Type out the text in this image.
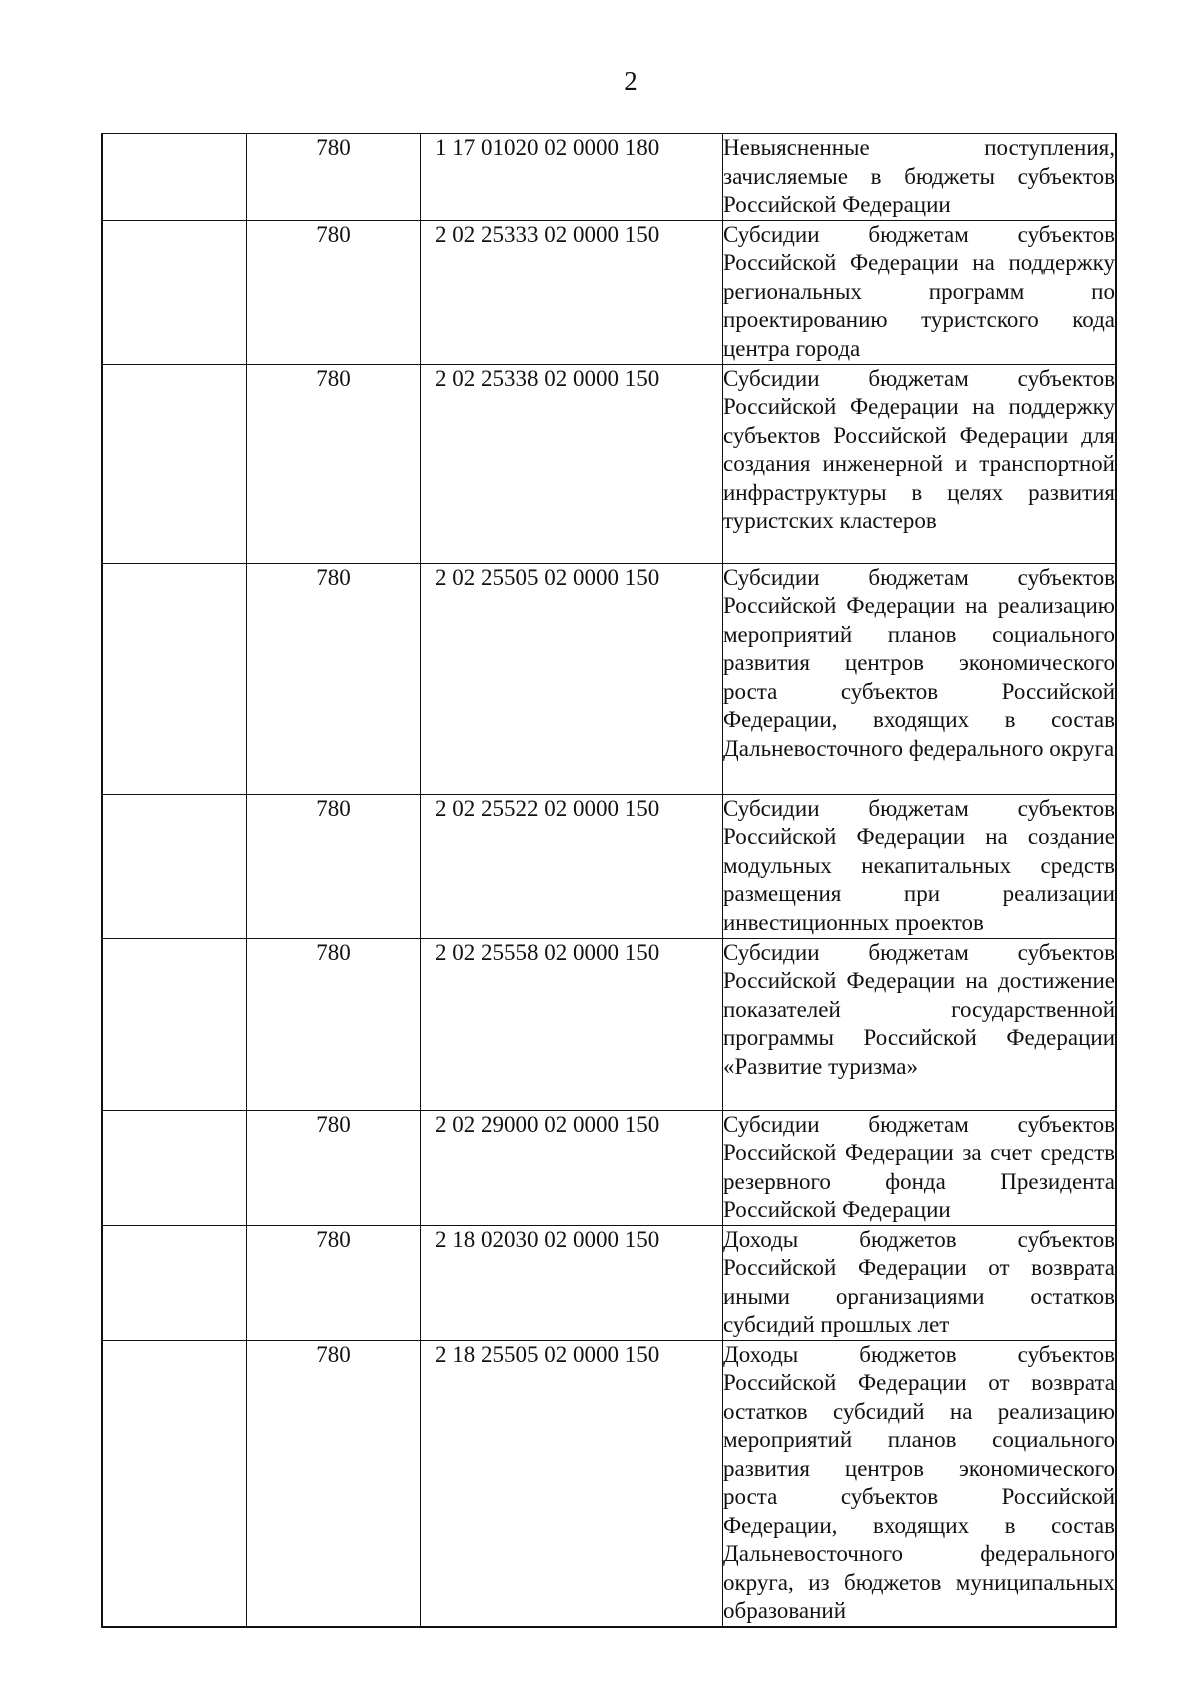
2
	780	1 17 01020 02 0000 180	Невыясненные поступления, зачисляемые в бюджеты субъектов Российской Федерации

	780	2 02 25333 02 0000 150	Субсидии бюджетам субъектов Российской Федерации на поддержку региональных программ по проектированию туристского кода центра города

	780	2 02 25338 02 0000 150	Субсидии бюджетам субъектов Российской Федерации на поддержку субъектов Российской Федерации для создания инженерной и транспортной инфраструктуры в целях развития туристских кластеров

	780	2 02 25505 02 0000 150	Субсидии бюджетам субъектов Российской Федерации на реализацию мероприятий планов социального развития центров экономического роста субъектов Российской Федерации, входящих в состав Дальневосточного федерального округа

	780	2 02 25522 02 0000 150	Субсидии бюджетам субъектов Российской Федерации на создание модульных некапитальных средств размещения при реализации инвестиционных проектов

	780	2 02 25558 02 0000 150	Субсидии бюджетам субъектов Российской Федерации на достижение показателей государственной программы Российской Федерации «Развитие туризма»

	780	2 02 29000 02 0000 150	Субсидии бюджетам субъектов Российской Федерации за счет средств резервного фонда Президента Российской Федерации

	780	2 18 02030 02 0000 150	Доходы бюджетов субъектов Российской Федерации от возврата иными организациями остатков субсидий прошлых лет

	780	2 18 25505 02 0000 150	Доходы бюджетов субъектов Российской Федерации от возврата остатков субсидий на реализацию мероприятий планов социального развития центров экономического роста субъектов Российской Федерации, входящих в состав Дальневосточного федерального округа, из бюджетов муниципальных образований
